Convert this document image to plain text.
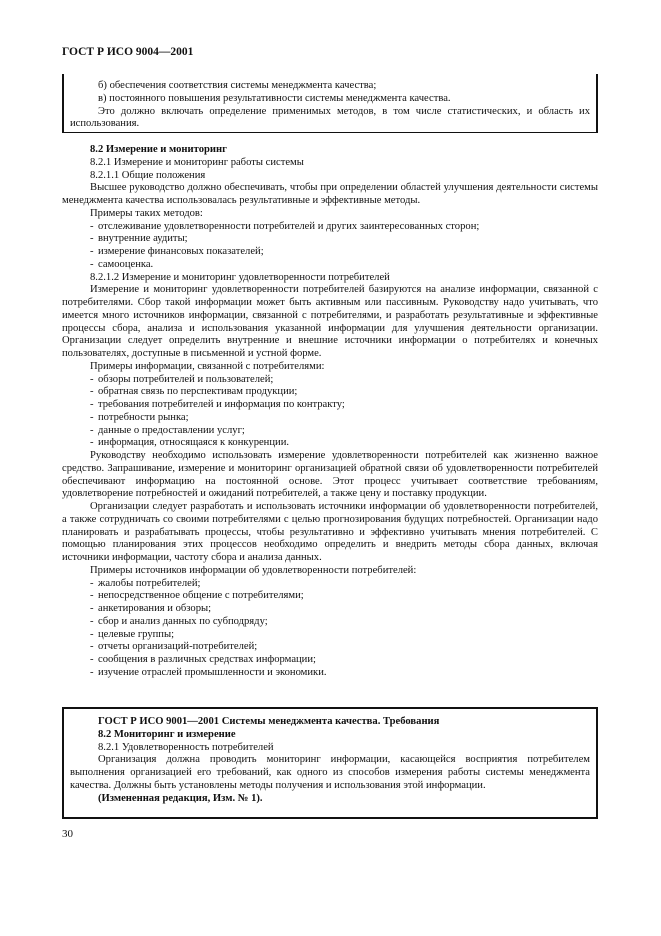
ГОСТ Р ИСО 9004—2001

б) обеспечения соответствия системы менеджмента качества;

в) постоянного повышения результативности системы менеджмента качества.

Это должно включать определение применимых методов, в том числе статистических, и область их использования.

8.2 Измерение и мониторинг

8.2.1 Измерение и мониторинг работы системы

8.2.1.1 Общие положения

Высшее руководство должно обеспечивать, чтобы при определении областей улучшения деятельности системы менеджмента качества использовалась результативные и эффективные методы.

Примеры таких методов:

- отслеживание удовлетворенности потребителей и других заинтересованных сторон;
- внутренние аудиты;
- измерение финансовых показателей;
- самооценка.

8.2.1.2 Измерение и мониторинг удовлетворенности потребителей

Измерение и мониторинг удовлетворенности потребителей базируются на анализе информации, связанной с потребителями. Сбор такой информации может быть активным или пассивным. Руководству надо учитывать, что имеется много источников информации, связанной с потребителями, и разработать результативные и эффективные процессы сбора, анализа и использования указанной информации для улучшения деятельности организации. Организации следует определить внутренние и внешние источники информации о потребителях и конечных пользователях, доступные в письменной и устной форме.

Примеры информации, связанной с потребителями:

- обзоры потребителей и пользователей;
- обратная связь по перспективам продукции;
- требования потребителей и информация по контракту;
- потребности рынка;
- данные о предоставлении услуг;
- информация, относящаяся к конкуренции.

Руководству необходимо использовать измерение удовлетворенности потребителей как жизненно важное средство. Запрашивание, измерение и мониторинг организацией обратной связи об удовлетворенности потребителей обеспечивают информацию на постоянной основе. Этот процесс учитывает соответствие требованиям, удовлетворение потребностей и ожиданий потребителей, а также цену и поставку продукции.

Организации следует разработать и использовать источники информации об удовлетворенности потребителей, а также сотрудничать со своими потребителями с целью прогнозирования будущих потребностей. Организации надо планировать и разрабатывать процессы, чтобы результативно и эффективно учитывать мнения потребителей. С помощью планирования этих процессов необходимо определить и внедрить методы сбора данных, включая источники информации, частоту сбора и анализа данных.

Примеры источников информации об удовлетворенности потребителей:

- жалобы потребителей;
- непосредственное общение с потребителями;
- анкетирования и обзоры;
- сбор и анализ данных по субподряду;
- целевые группы;
- отчеты организаций-потребителей;
- сообщения в различных средствах информации;
- изучение отраслей промышленности и экономики.

ГОСТ Р ИСО 9001—2001 Системы менеджмента качества. Требования

8.2 Мониторинг и измерение

8.2.1 Удовлетворенность потребителей

Организация должна проводить мониторинг информации, касающейся восприятия потребителем выполнения организацией его требований, как одного из способов измерения работы системы менеджмента качества. Должны быть установлены методы получения и использования этой информации.

(Измененная редакция, Изм. № 1).

30
